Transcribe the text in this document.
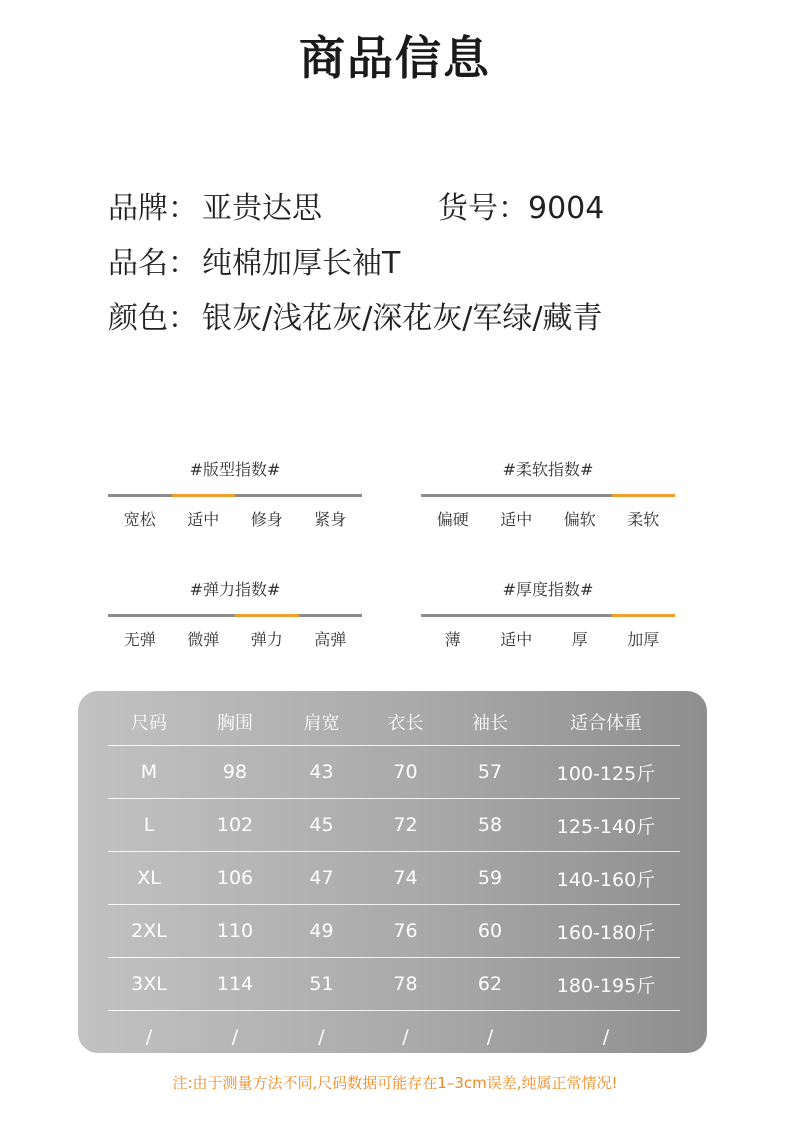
商品信息
品牌： 亚贵达思	货号：9004
品名： 纯棉加厚长袖T
颜色： 银灰/浅花灰/深花灰/军绿/藏青
#版型指数#
宽松	适中	修身	紧身
#柔软指数#
偏硬	适中	偏软	柔软
#弹力指数#
无弹	微弹	弹力	高弹
#厚度指数#
薄	适中	厚	加厚
尺码	胸围	肩宽	衣长	袖长	适合体重
M	98	43	70	57	100-125斤
L	102	45	72	58	125-140斤
XL	106	47	74	59	140-160斤
2XL	110	49	76	60	160-180斤
3XL	114	51	78	62	180-195斤
/	/	/	/	/	/
注:由于测量方法不同,尺码数据可能存在1–3cm误差,纯属正常情况!
